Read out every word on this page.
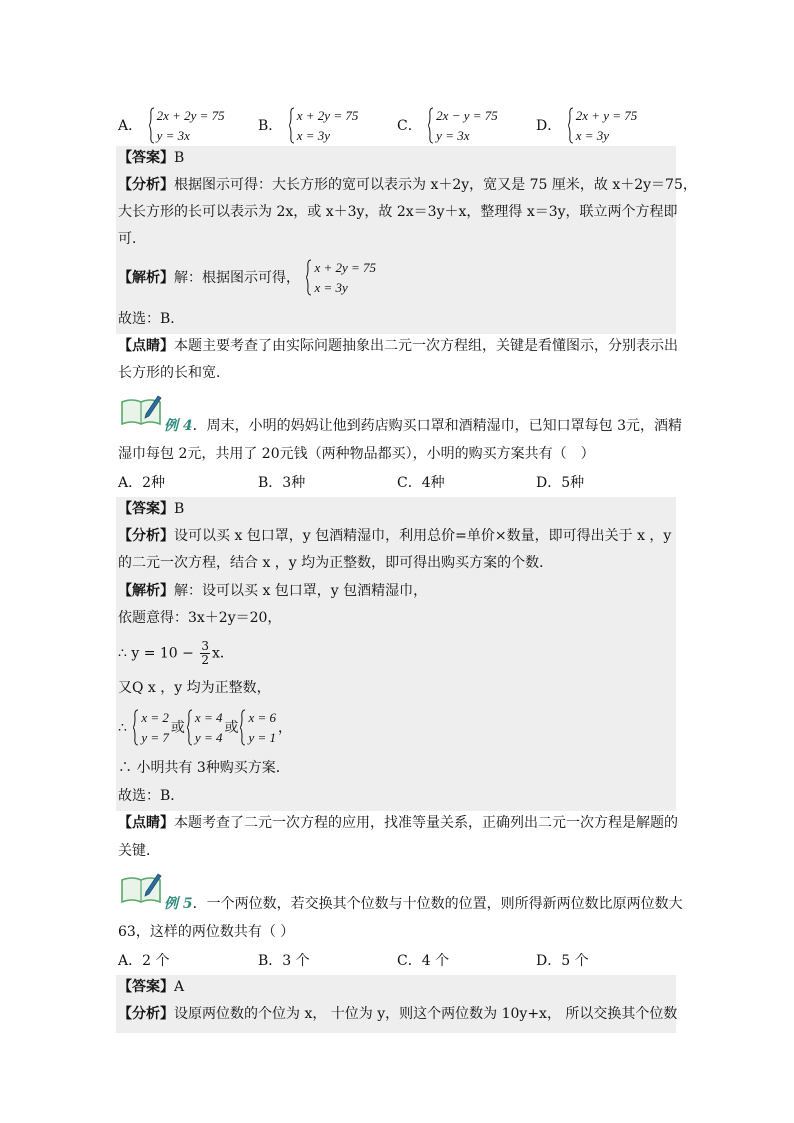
A．
2x + 2y = 75
y = 3x
B．
x + 2y = 75
x = 3y
C．
2x − y = 75
y = 3x
D．
2x + y = 75
x = 3y
【答案】B
【分析】根据图示可得：大长方形的宽可以表示为 x＋2y，宽又是 75 厘米，故 x＋2y＝75，
大长方形的长可以表示为 2x，或 x＋3y，故 2x＝3y＋x，整理得 x＝3y，联立两个方程即
可．
【解析】解：根据图示可得，
x + 2y = 75
x = 3y
故选：B．
【点睛】本题主要考查了由实际问题抽象出二元一次方程组，关键是看懂图示，分别表示出
长方形的长和宽．
例 4．周末，小明的妈妈让他到药店购买口罩和酒精湿巾，已知口罩每包 3元，酒精
湿巾每包 2元，共用了 20元钱（两种物品都买），小明的购买方案共有（　）
A．2种	B．3种	C．4种	D．5种
【答案】B
【分析】设可以买 x 包口罩，y 包酒精湿巾，利用总价=单价×数量，即可得出关于 x ，y
的二元一次方程，结合 x ，y 均为正整数，即可得出购买方案的个数．
【解析】解：设可以买 x 包口罩，y 包酒精湿巾，
依题意得：3x＋2y＝20，
∴ $y = 10 - \frac{3}{2}$ x．
又Q x ，y 均为正整数，
∴
x = 2
y = 7
或
x = 4
y = 4
或
x = 6
y = 1
，
∴ 小明共有 3种购买方案．
故选：B．
【点睛】本题考查了二元一次方程的应用，找准等量关系，正确列出二元一次方程是解题的
关键．
例 5．一个两位数，若交换其个位数与十位数的位置，则所得新两位数比原两位数大
63，这样的两位数共有（ ）
A．2 个	B．3 个	C．4 个	D．5 个
【答案】A
【分析】设原两位数的个位为 x， 十位为 y，则这个两位数为 10y+x， 所以交换其个位数
